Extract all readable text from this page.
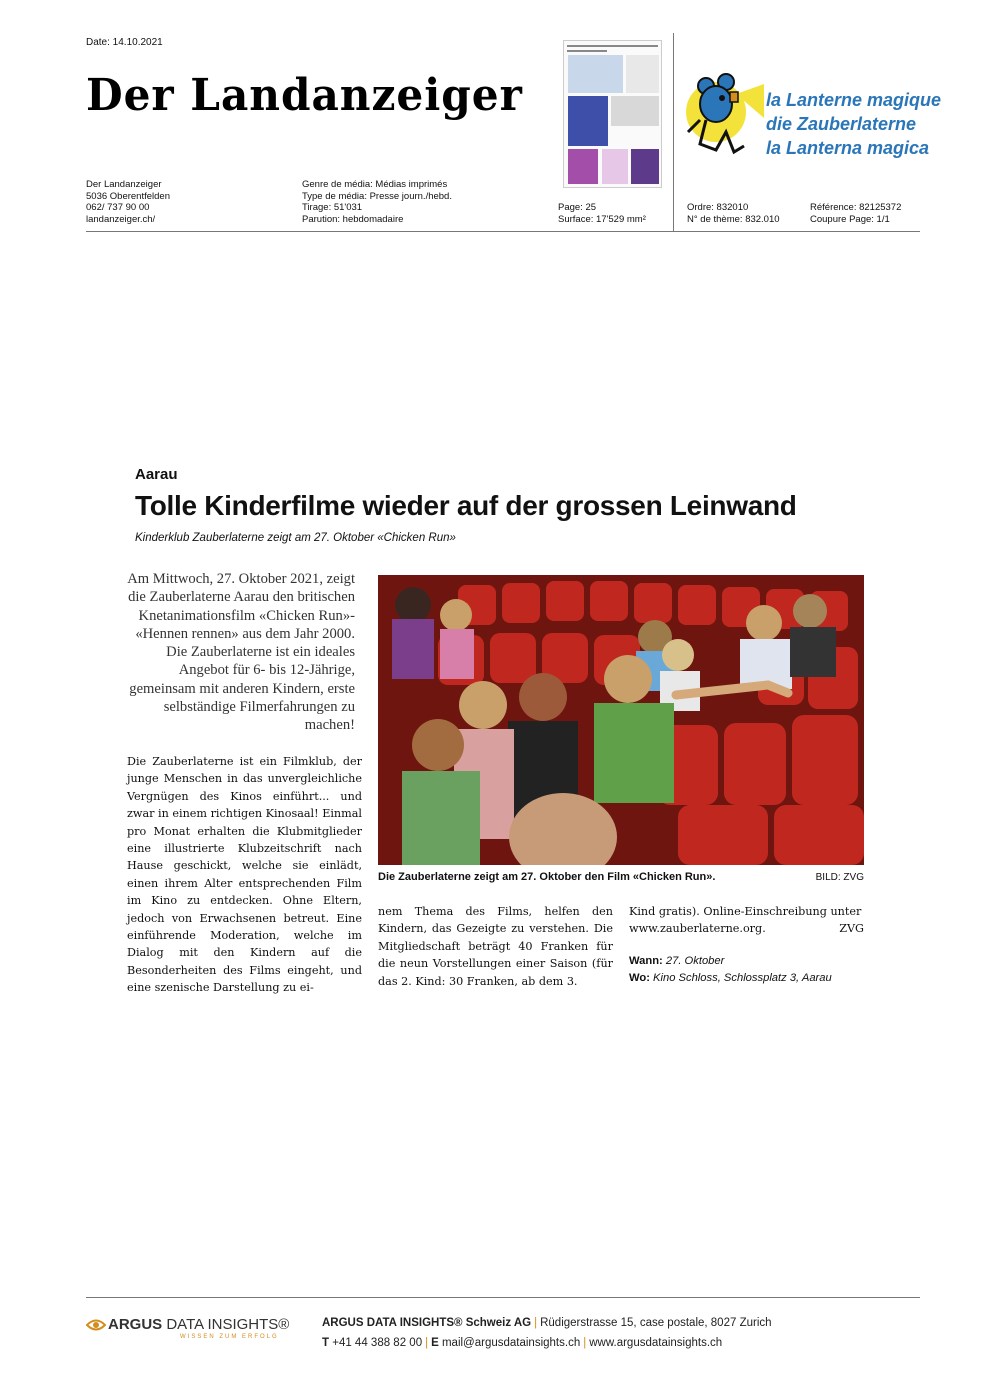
Date: 14.10.2021
Der Landanzeiger	la Lanterne magique
die Zauberlaterne
la Lanterna magica
Der Landanzeiger
5036 Oberentfelden
062/ 737 90 00
landanzeiger.ch/
Genre de média: Médias imprimés
Type de média: Presse journ./hebd.
Tirage: 51'031
Parution: hebdomadaire
Page: 25
Surface: 17'529 mm²
Ordre: 832010
N° de thème: 832.010
Référence: 82125372
Coupure Page: 1/1
Aarau
Tolle Kinderfilme wieder auf der grossen Leinwand
Kinderklub Zauberlaterne zeigt am 27. Oktober «Chicken Run»
Am Mittwoch, 27. Oktober 2021, zeigt die Zauberlaterne Aarau den britischen Knetanimationsfilm «Chicken Run»- «Hennen rennen» aus dem Jahr 2000. Die Zauberlaterne ist ein ideales Angebot für 6- bis 12-Jährige, gemeinsam mit anderen Kindern, erste selbständige Filmerfahrungen zu machen!
Die Zauberlaterne ist ein Filmklub, der junge Menschen in das unvergleichliche Vergnügen des Kinos einführt... und zwar in einem richtigen Kinosaal! Einmal pro Monat erhalten die Klubmitglieder eine illustrierte Klubzeitschrift nach Hause geschickt, welche sie einlädt, einen ihrem Alter entsprechenden Film im Kino zu entdecken. Ohne Eltern, jedoch von Erwachsenen betreut. Eine einführende Moderation, welche im Dialog mit den Kindern auf die Besonderheiten des Films eingeht, und eine szenische Darstellung zu ei-
Die Zauberlaterne zeigt am 27. Oktober den Film «Chicken Run».	BILD: ZVG
nem Thema des Films, helfen den Kindern, das Gezeigte zu verstehen. Die Mitgliedschaft beträgt 40 Franken für die neun Vorstellungen einer Saison (für das 2. Kind: 30 Franken, ab dem 3.
Kind gratis). Online-Einschreibung unter www.zauberlaterne.org.	ZVG
Wann: 27. Oktober
Wo: Kino Schloss, Schlossplatz 3, Aarau
ARGUS DATA INSIGHTS®
WISSEN ZUM ERFOLG
ARGUS DATA INSIGHTS® Schweiz AG | Rüdigerstrasse 15, case postale, 8027 Zurich
T +41 44 388 82 00 | E mail@argusdatainsights.ch | www.argusdatainsights.ch
